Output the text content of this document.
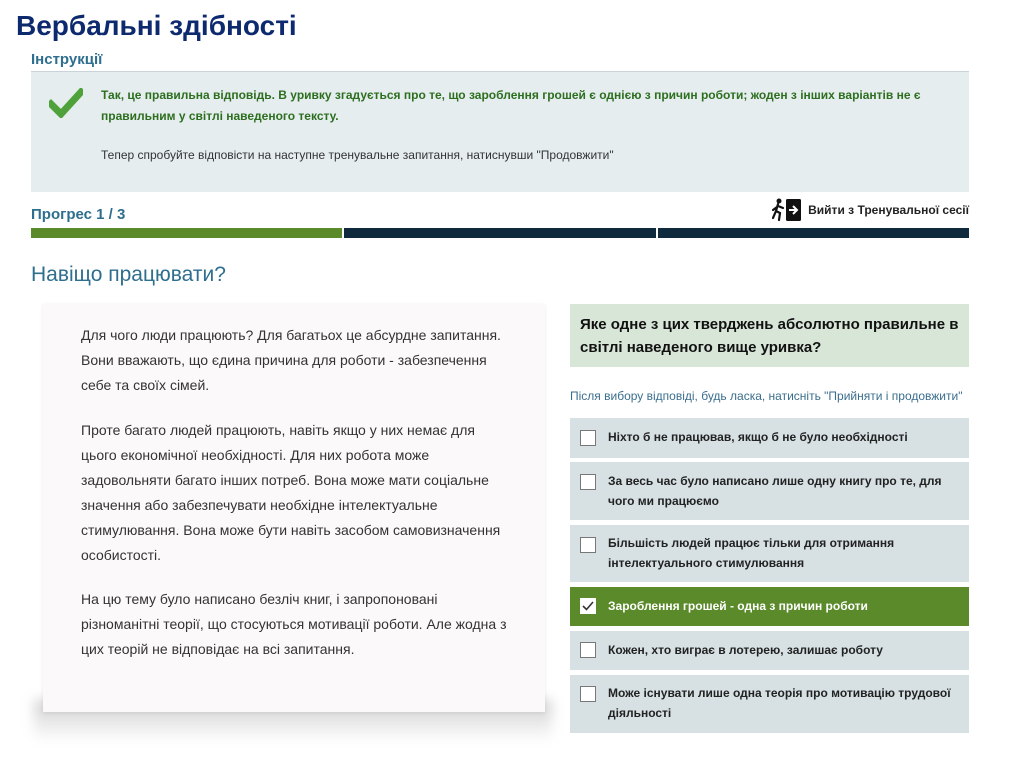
Вербальні здібності
Інструкції
Так, це правильна відповідь. В уривку згадується про те, що зароблення грошей є однією з причин роботи; жоден з інших варіантів не є правильним у світлі наведеного тексту.
Тепер спробуйте відповісти на наступне тренувальне запитання, натиснувши "Продовжити"
Прогрес 1 / 3	Вийти з Тренувальної сесії
Навіщо працювати?

Для чого люди працюють? Для багатьох це абсурдне запитання. Вони вважають, що єдина причина для роботи - забезпечення себе та своїх сімей.

Проте багато людей працюють, навіть якщо у них немає для цього економічної необхідності. Для них робота може задовольняти багато інших потреб. Вона може мати соціальне значення або забезпечувати необхідне інтелектуальне стимулювання. Вона може бути навіть засобом самовизначення особистості.

На цю тему було написано безліч книг, і запропоновані різноманітні теорії, що стосуються мотивації роботи. Але жодна з цих теорій не відповідає на всі запитання.

Яке одне з цих тверджень абсолютно правильне в світлі наведеного вище уривка?
Після вибору відповіді, будь ласка, натисніть "Прийняти і продовжити"
Ніхто б не працював, якщо б не було необхідності
За весь час було написано лише одну книгу про те, для чого ми працюємо
Більшість людей працює тільки для отримання інтелектуального стимулювання
Зароблення грошей - одна з причин роботи
Кожен, хто виграє в лотерею, залишає роботу
Може існувати лише одна теорія про мотивацію трудової діяльності
